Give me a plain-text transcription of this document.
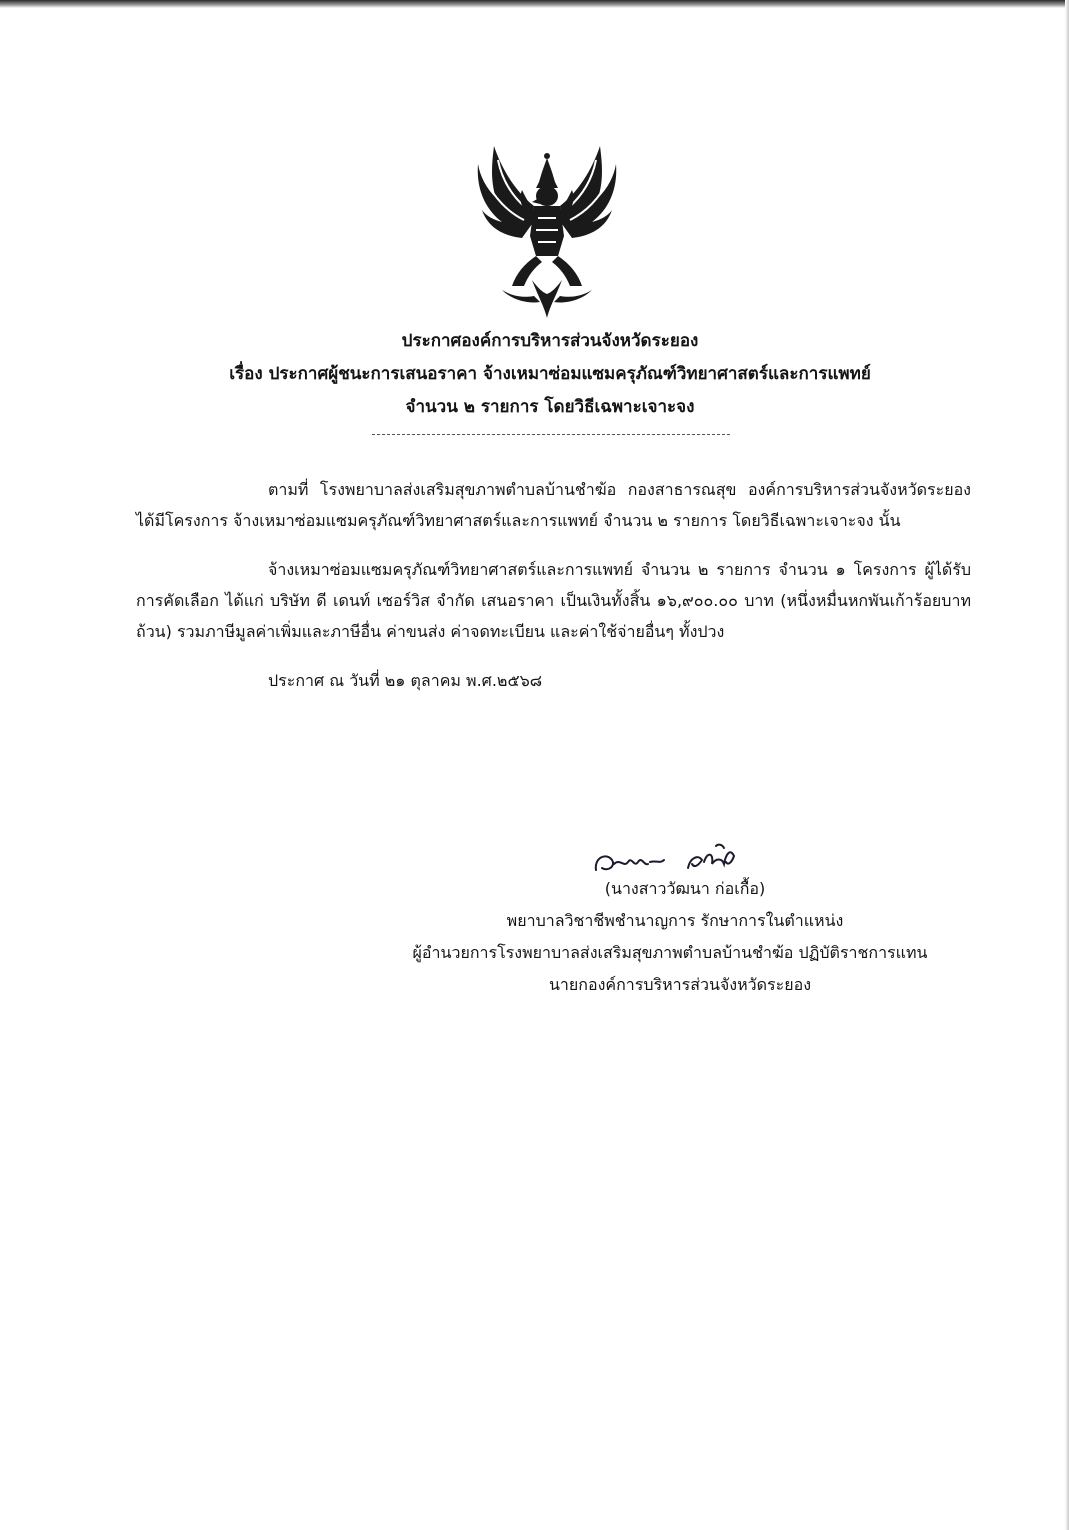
ประกาศองค์การบริหารส่วนจังหวัดระยอง
เรื่อง ประกาศผู้ชนะการเสนอราคา จ้างเหมาซ่อมแซมครุภัณฑ์วิทยาศาสตร์และการแพทย์
จำนวน ๒ รายการ โดยวิธีเฉพาะเจาะจง

ตามที่ โรงพยาบาลส่งเสริมสุขภาพตำบลบ้านชำฆ้อ กองสาธารณสุข องค์การบริหารส่วนจังหวัดระยอง ได้มีโครงการ จ้างเหมาซ่อมแซมครุภัณฑ์วิทยาศาสตร์และการแพทย์ จำนวน ๒ รายการ โดยวิธีเฉพาะเจาะจง นั้น

จ้างเหมาซ่อมแซมครุภัณฑ์วิทยาศาสตร์และการแพทย์ จำนวน ๒ รายการ จำนวน ๑ โครงการ ผู้ได้รับการคัดเลือก ได้แก่ บริษัท ดี เดนท์ เซอร์วิส จำกัด เสนอราคา เป็นเงินทั้งสิ้น ๑๖,๙๐๐.๐๐ บาท (หนึ่งหมื่นหกพันเก้าร้อยบาทถ้วน) รวมภาษีมูลค่าเพิ่มและภาษีอื่น ค่าขนส่ง ค่าจดทะเบียน และค่าใช้จ่ายอื่นๆ ทั้งปวง

ประกาศ ณ วันที่ ๒๑ ตุลาคม พ.ศ.๒๕๖๘

(นางสาววัฒนา ก่อเกื้อ)
พยาบาลวิชาชีพชำนาญการ รักษาการในตำแหน่ง
ผู้อำนวยการโรงพยาบาลส่งเสริมสุขภาพตำบลบ้านชำฆ้อ ปฏิบัติราชการแทน
นายกองค์การบริหารส่วนจังหวัดระยอง
